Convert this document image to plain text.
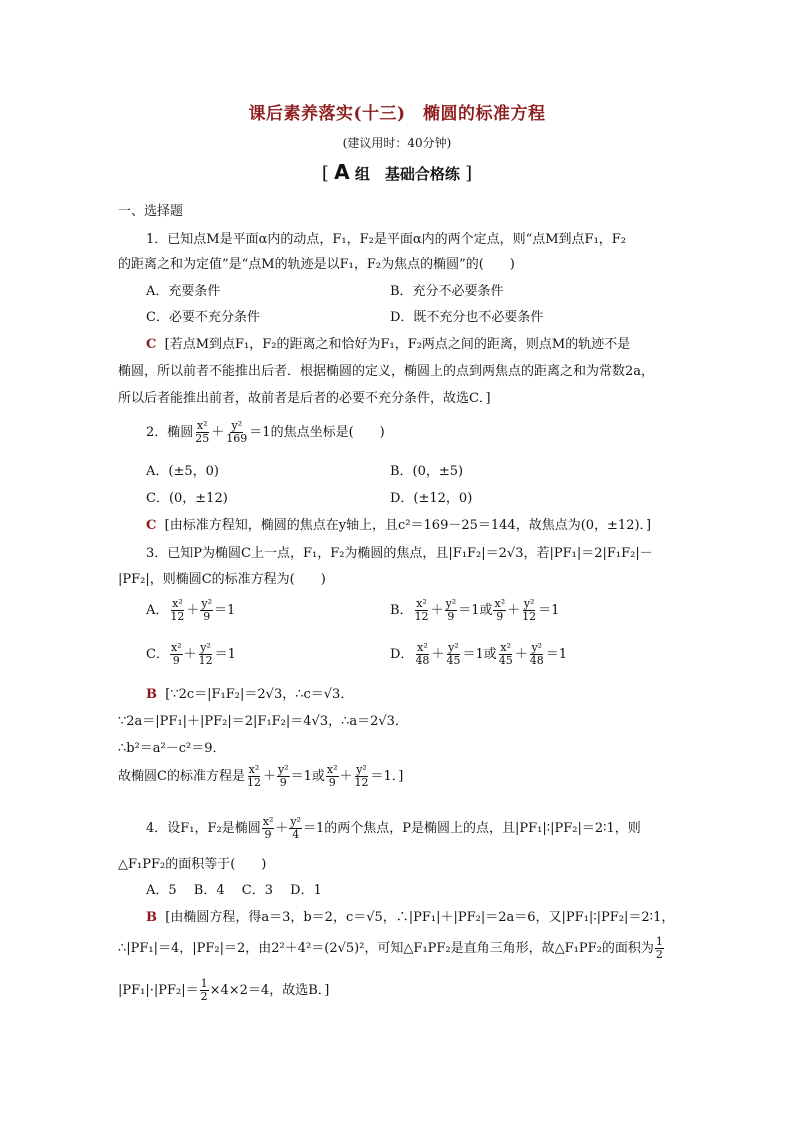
课后素养落实(十三)　椭圆的标准方程
(建议用时：40分钟)
[ A 组　基础合格练 ]
一、选择题
1．已知点M是平面α内的动点，F₁，F₂是平面α内的两个定点，则“点M到点F₁，F₂
的距离之和为定值”是“点M的轨迹是以F₁，F₂为焦点的椭圆”的(　　)
A．充要条件	B．充分不必要条件
C．必要不充分条件	D．既不充分也不必要条件
C [若点M到点F₁，F₂的距离之和恰好为F₁，F₂两点之间的距离，则点M的轨迹不是
椭圆，所以前者不能推出后者．根据椭圆的定义，椭圆上的点到两焦点的距离之和为常数2a，
所以后者能推出前者，故前者是后者的必要不充分条件，故选C．]
2．椭圆 $\frac{\text{x²}}{25} + \frac{\text{y²}}{169} =1$的焦点坐标是(　　)
A．(±5，0)	B．(0，±5)
C．(0，±12)	D．(±12，0)
C [由标准方程知，椭圆的焦点在y轴上，且c²＝169－25＝144，故焦点为(0，±12)．]
3．已知P为椭圆C上一点，F₁，F₂为椭圆的焦点，且|F₁F₂|＝2√3，若|PF₁|＝2|F₁F₂|－
|PF₂|，则椭圆C的标准方程为(　　)
A． $\frac{\text{x²}}{12} + \frac{\text{y²}}{9} =1$	B． $\frac{\text{x²}}{12} + \frac{\text{y²}}{9} =1$或 $\frac{\text{x²}}{9} + \frac{\text{y²}}{12} =1$
C． $\frac{\text{x²}}{9} + \frac{\text{y²}}{12} =1$	D． $\frac{\text{x²}}{48} + \frac{\text{y²}}{45} =1$或 $\frac{\text{x²}}{45} + \frac{\text{y²}}{48} =1$
B [∵2c＝|F₁F₂|＝2√3，∴c＝√3．
∵2a＝|PF₁|＋|PF₂|＝2|F₁F₂|＝4√3，∴a＝2√3．
∴b²＝a²－c²＝9．
故椭圆C的标准方程是 $\frac{\text{x²}}{12} + \frac{\text{y²}}{9} =1$或 $\frac{\text{x²}}{9} + \frac{\text{y²}}{12} =1$．]
4．设F₁，F₂是椭圆 $\frac{\text{x²}}{9} + \frac{\text{y²}}{4} =1$的两个焦点，P是椭圆上的点，且|PF₁|∶|PF₂|＝2∶1，则
△F₁PF₂的面积等于(　　)
A．5　 B．4　 C．3　 D．1
B [由椭圆方程，得a＝3，b＝2，c＝√5，∴|PF₁|＋|PF₂|＝2a＝6，又|PF₁|∶|PF₂|＝2∶1，
∴|PF₁|＝4，|PF₂|＝2，由2²＋4²＝(2√5)²，可知△F₁PF₂是直角三角形，故△F₁PF₂的面积为 $\frac{1}{2}$
$|PF_1|\cdot|PF_2|= \frac{1}{2} \times 4\times 2=4$，故选B．]
